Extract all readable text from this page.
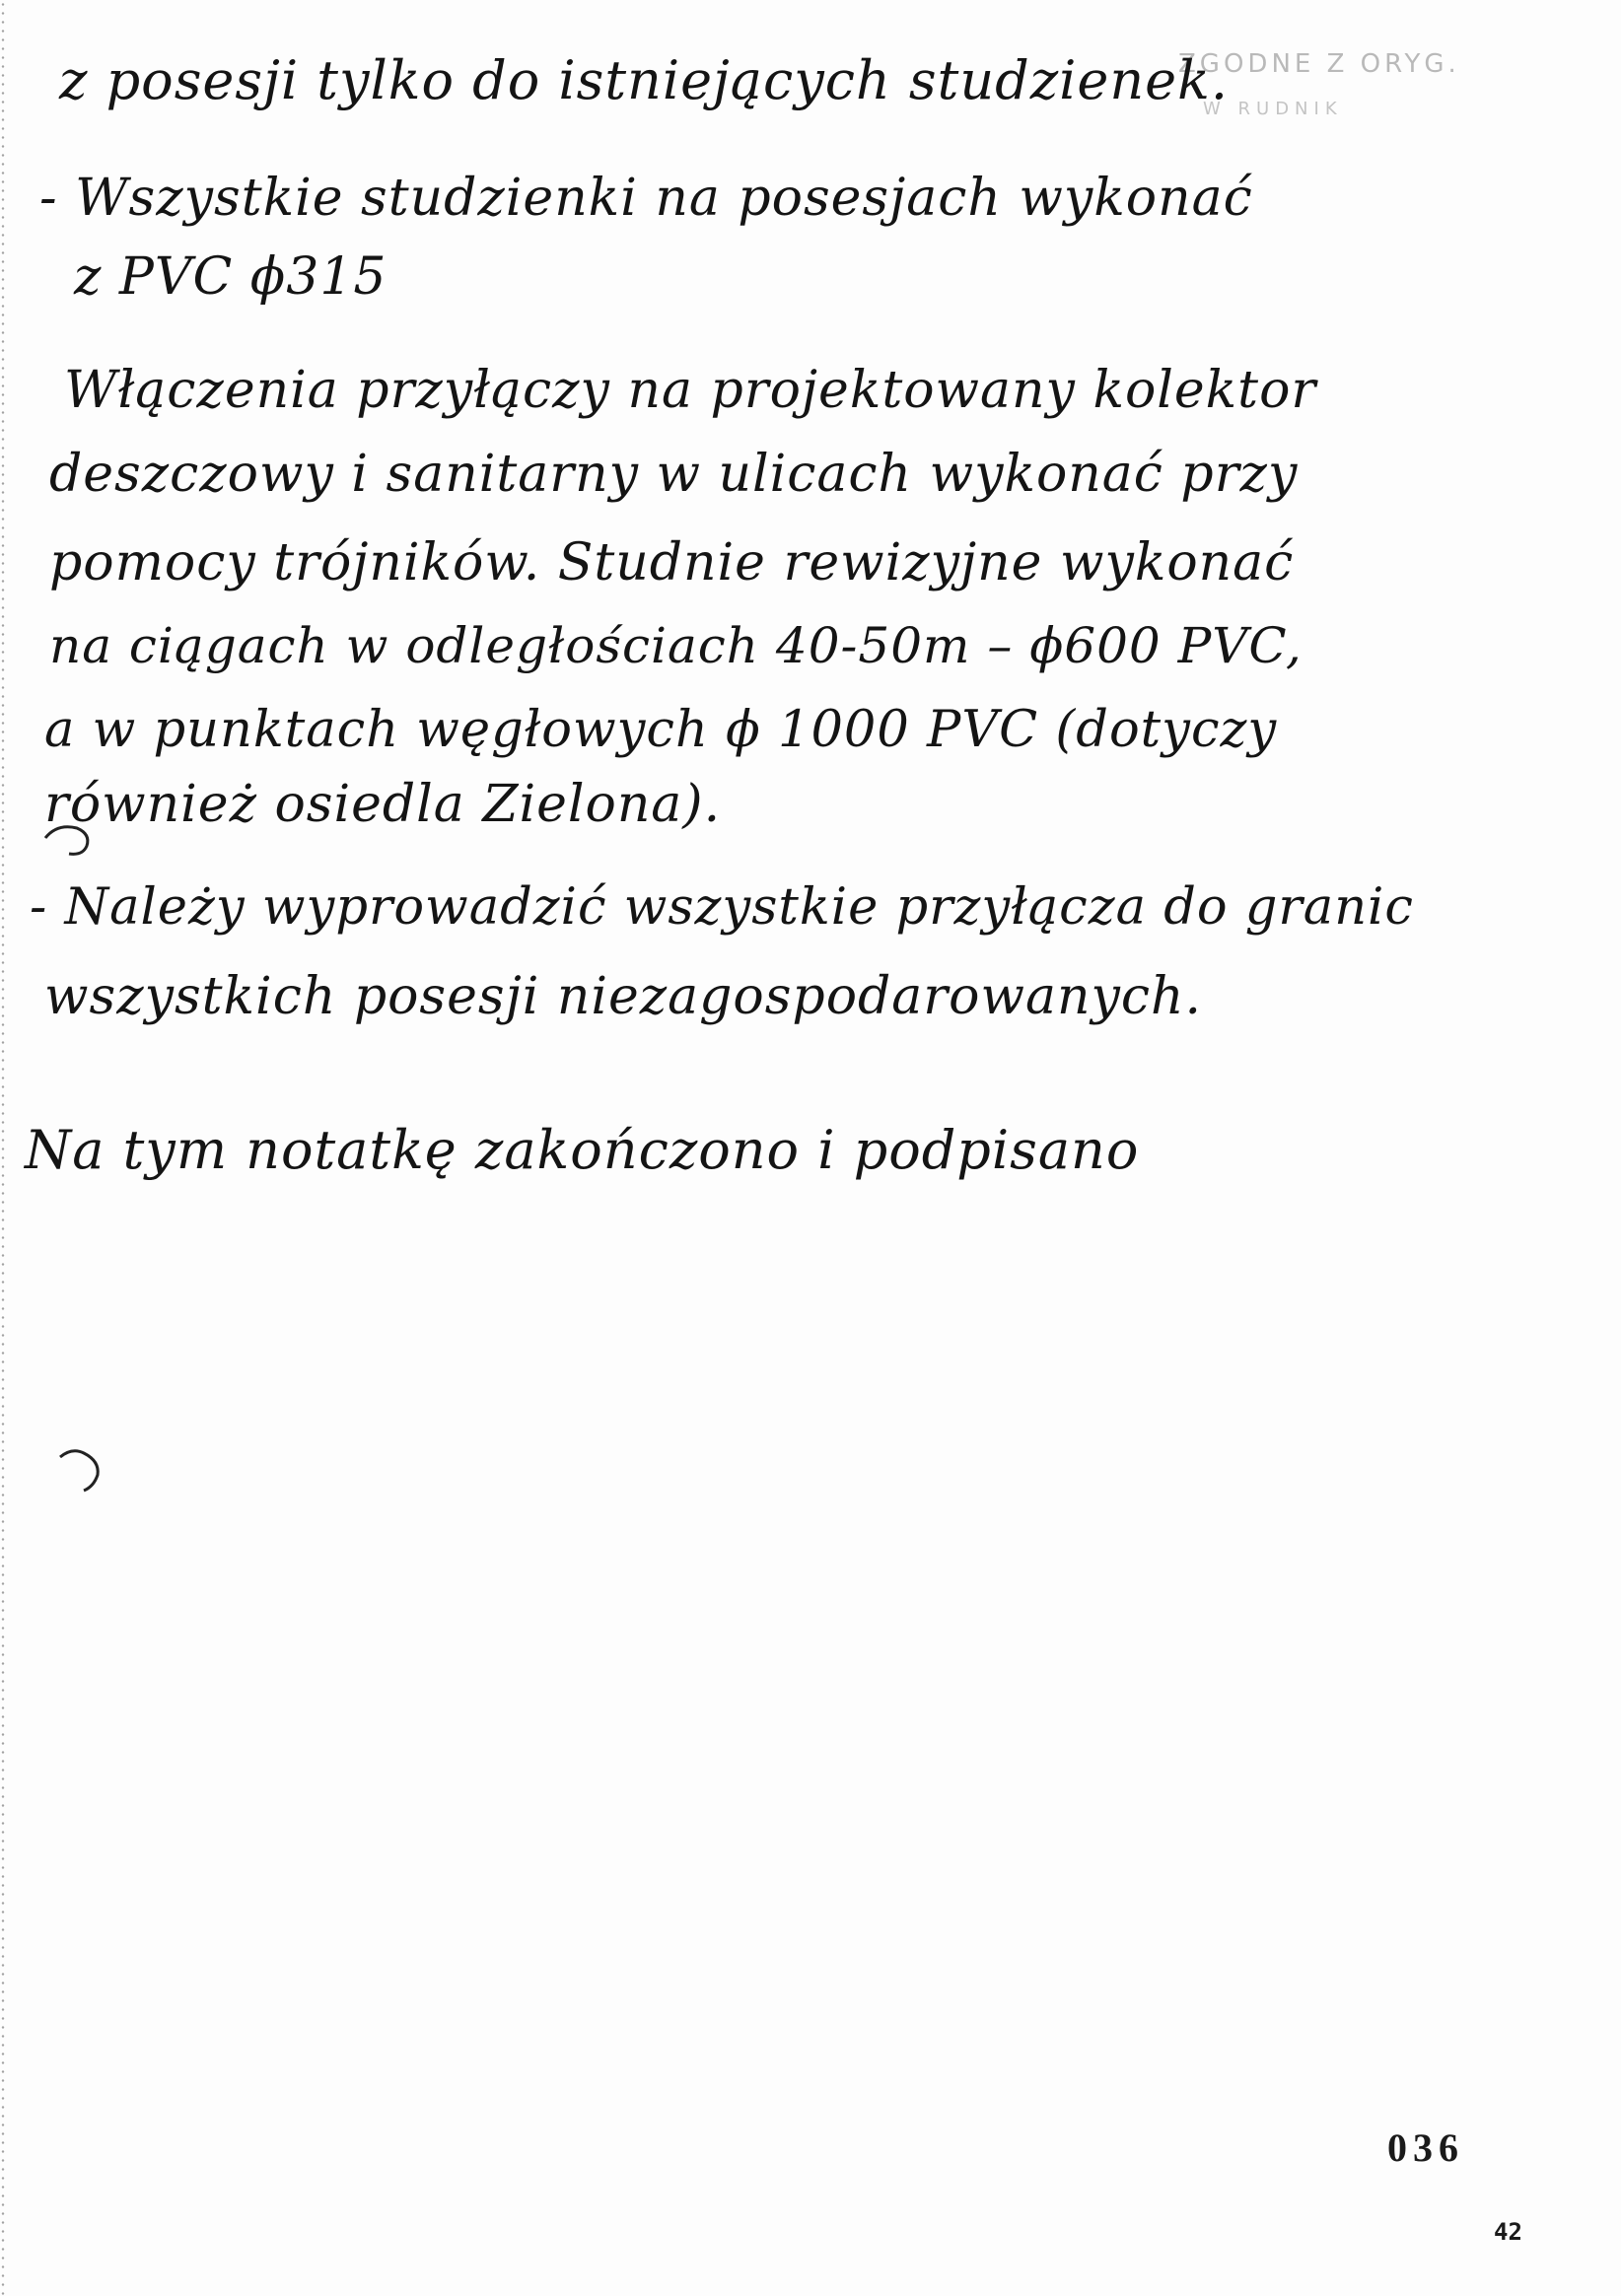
ZGODNE Z ORYG.
W RUDNIK
z posesji tylko do istniejących studzienek.
- Wszystkie studzienki na posesjach wykonać
z PVC ϕ315
Włączenia przyłączy na projektowany kolektor
deszczowy i sanitarny w ulicach wykonać przy
pomocy trójników. Studnie rewizyjne wykonać
na ciągach w odległościach 40-50m – ϕ600 PVC,
a w punktach węgłowych ϕ 1000 PVC (dotyczy
również osiedla Zielona).
- Należy wyprowadzić wszystkie przyłącza do granic
wszystkich posesji niezagospodarowanych.
Na tym notatkę zakończono i podpisano
036
42
